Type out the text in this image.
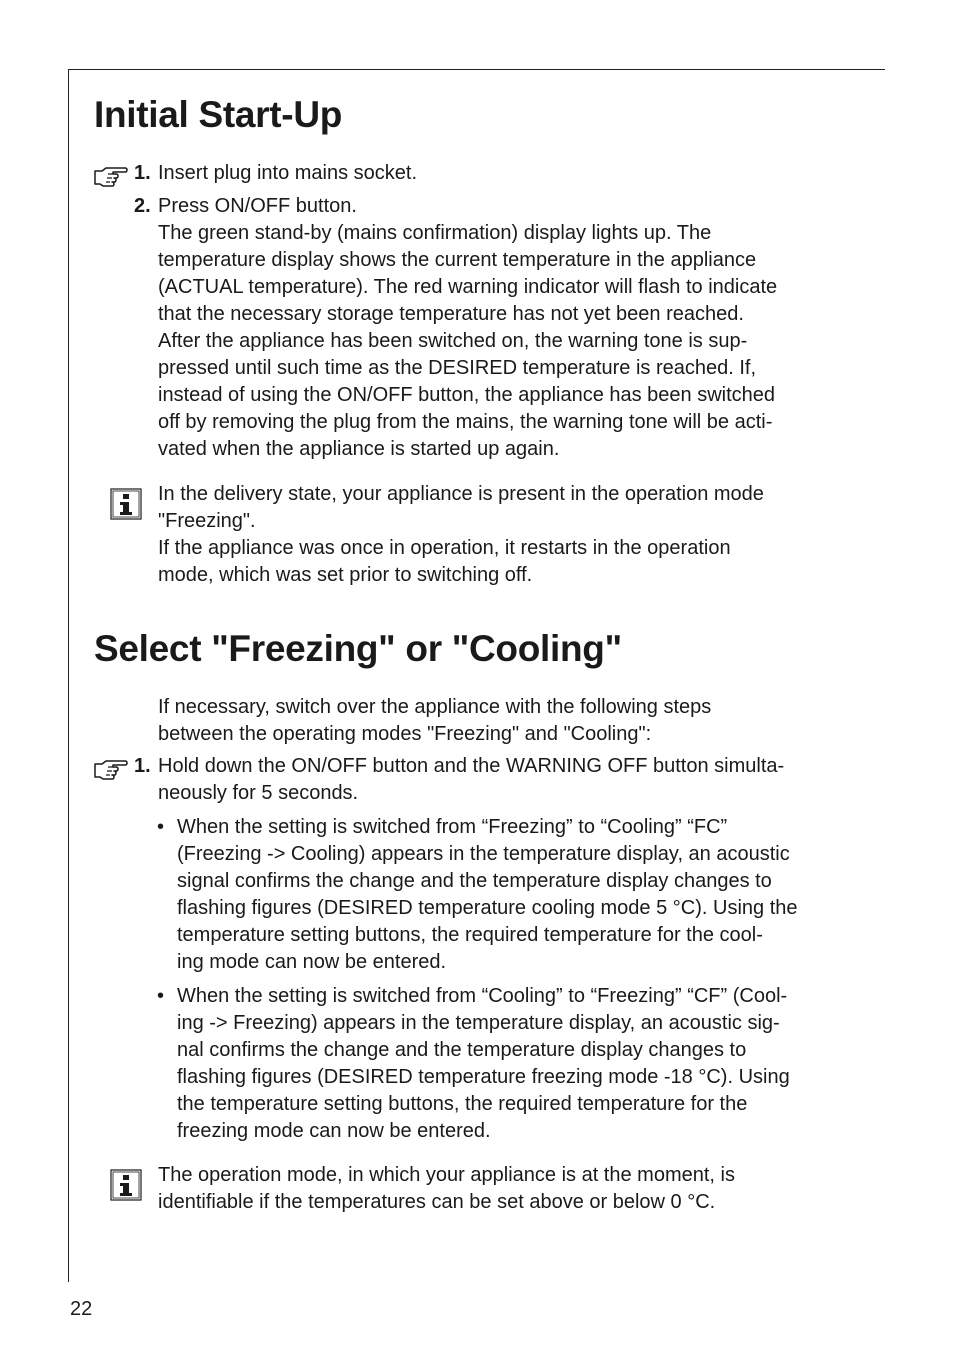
Initial Start-Up
1. Insert plug into mains socket.
2. Press ON/OFF button.
The green stand-by (mains confirmation) display lights up. The
temperature display shows the current temperature in the appliance
(ACTUAL temperature). The red warning indicator will flash to indicate
that the necessary storage temperature has not yet been reached.
After the appliance has been switched on, the warning tone is sup-
pressed until such time as the DESIRED temperature is reached. If,
instead of using the ON/OFF button, the appliance has been switched
off by removing the plug from the mains, the warning tone will be acti-
vated when the appliance is started up again.
In the delivery state, your appliance is present in the operation mode
"Freezing".
If the appliance was once in operation, it restarts in the operation
mode, which was set prior to switching off.
Select "Freezing" or "Cooling"
If necessary, switch over the appliance with the following steps
between the operating modes "Freezing" and "Cooling":
1. Hold down the ON/OFF button and the WARNING OFF button simulta-
neously for 5 seconds.
• When the setting is switched from “Freezing” to “Cooling” “FC”
(Freezing -> Cooling) appears in the temperature display, an acoustic
signal confirms the change and the temperature display changes to
flashing figures (DESIRED temperature cooling mode 5 °C). Using the
temperature setting buttons, the required temperature for the cool-
ing mode can now be entered.
• When the setting is switched from “Cooling” to “Freezing” “CF” (Cool-
ing -> Freezing) appears in the temperature display, an acoustic sig-
nal confirms the change and the temperature display changes to
flashing figures (DESIRED temperature freezing mode -18 °C). Using
the temperature setting buttons, the required temperature for the
freezing mode can now be entered.
The operation mode, in which your appliance is at the moment, is
identifiable if the temperatures can be set above or below 0 °C.
22
